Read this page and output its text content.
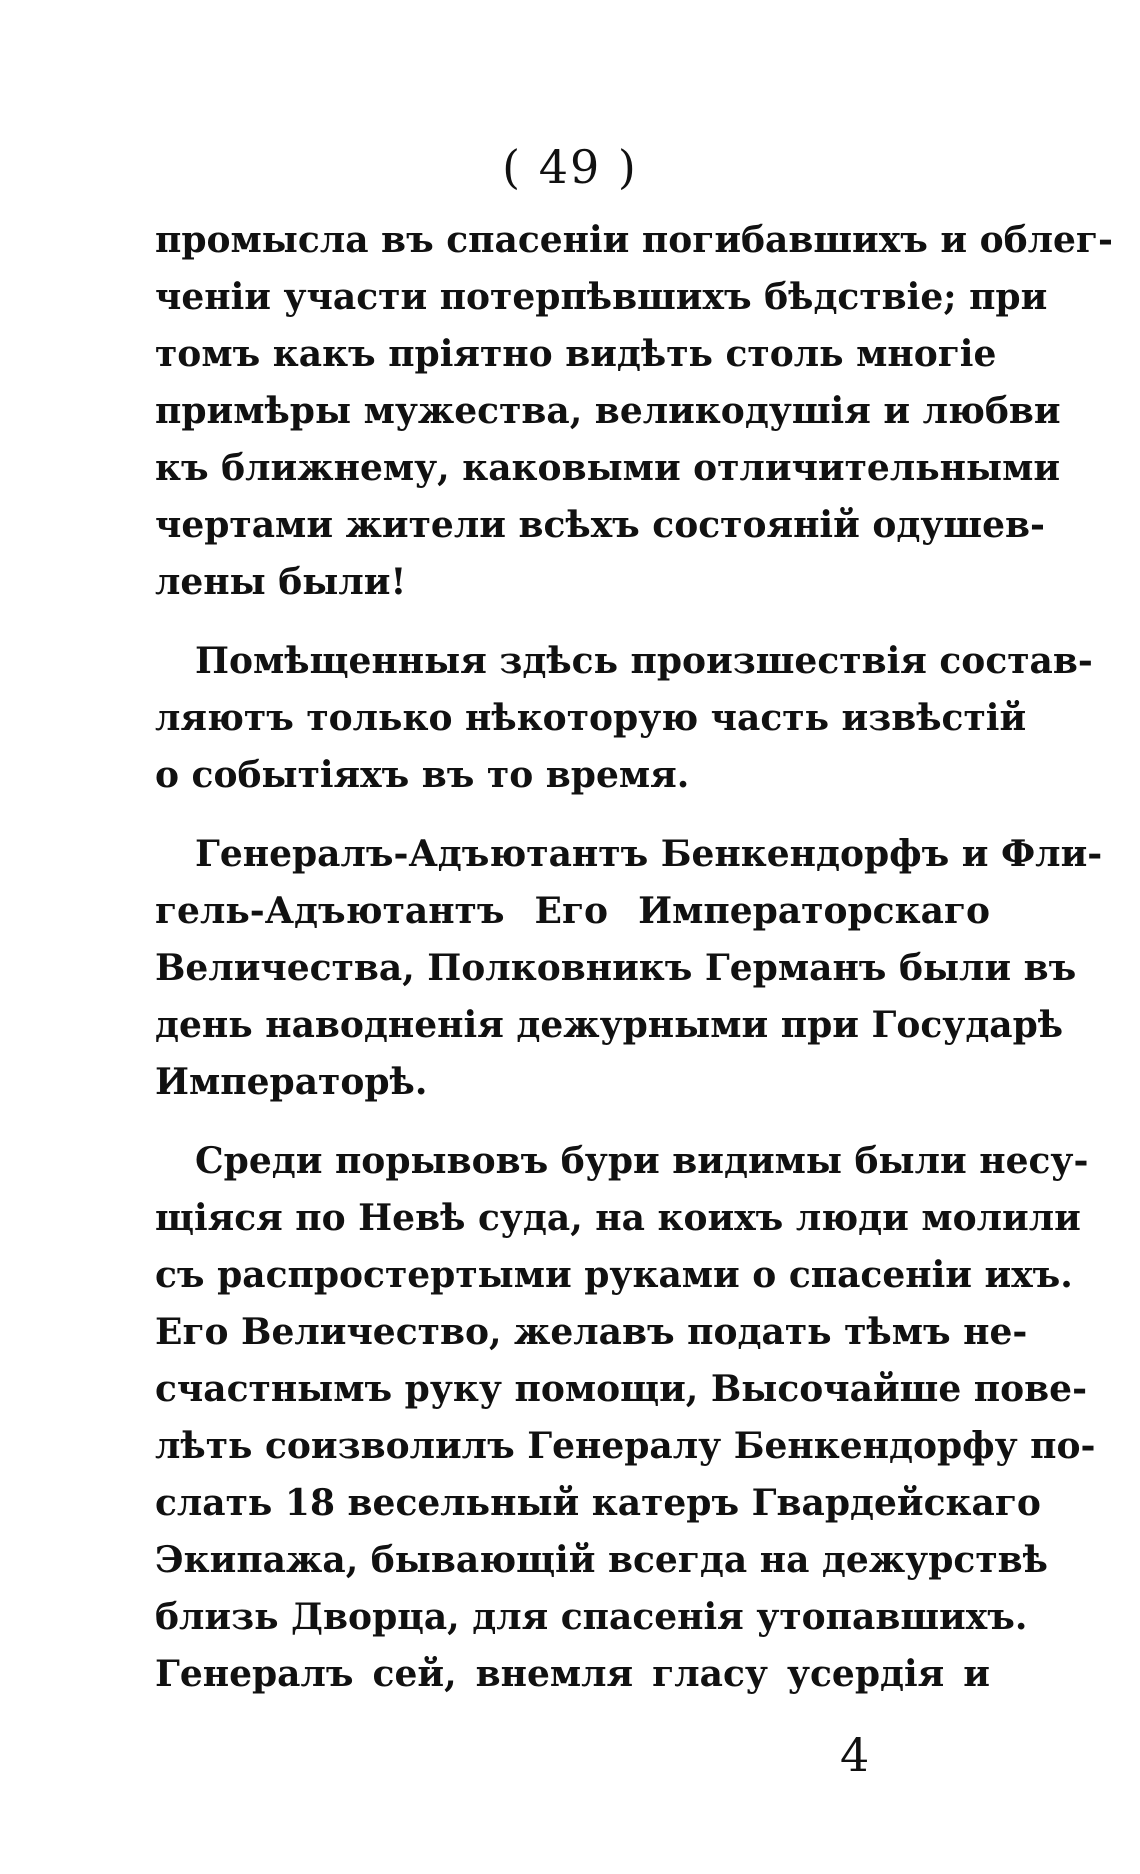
( 49 )
промысла въ спасеніи погибавшихъ и облег-
ченіи участи потерпѣвшихъ бѣдствіе; при
томъ какъ пріятно видѣть столь многіе
примѣры мужества, великодушія и любви
къ ближнему, каковыми отличительными
чертами жители всѣхъ состояній одушев-
лены были!
Помѣщенныя здѣсь произшествія состав-
ляютъ только нѣкоторую часть извѣстій
о событіяхъ въ то время.
Генералъ-Адъютантъ Бенкендорфъ и Фли-
гель-Адъютантъ Его Императорскаго
Величества, Полковникъ Германъ были въ
день наводненія дежурными при Государѣ
Императорѣ.
Среди порывовъ бури видимы были несу-
щіяся по Невѣ суда, на коихъ люди молили
съ распростертыми руками о спасеніи ихъ.
Его Величество, желавъ подать тѣмъ не-
счастнымъ руку помощи, Высочайше пове-
лѣть соизволилъ Генералу Бенкендорфу по-
слать 18 весельный катеръ Гвардейскаго
Экипажа, бывающій всегда на дежурствѣ
близь Дворца, для спасенія утопавшихъ.
Генералъ сей, внемля гласу усердія и
4
